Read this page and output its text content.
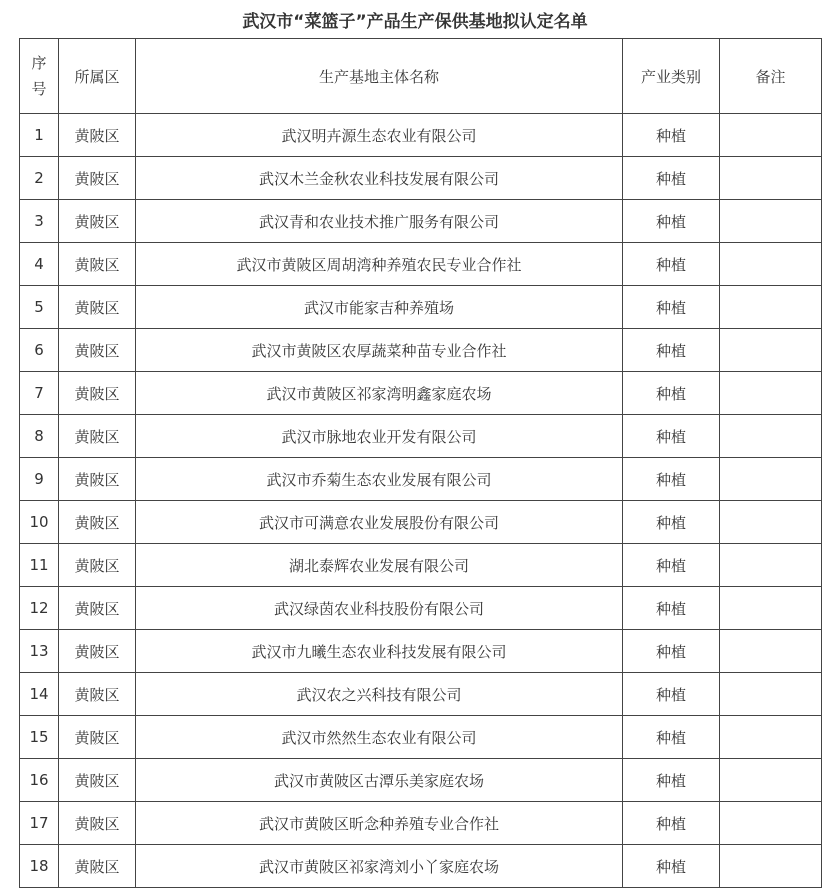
武汉市“菜篮子”产品生产保供基地拟认定名单
序号	所属区	生产基地主体名称	产业类别	备注
1	黄陂区	武汉明卉源生态农业有限公司	种植	
2	黄陂区	武汉木兰金秋农业科技发展有限公司	种植	
3	黄陂区	武汉青和农业技术推广服务有限公司	种植	
4	黄陂区	武汉市黄陂区周胡湾种养殖农民专业合作社	种植	
5	黄陂区	武汉市能家吉种养殖场	种植	
6	黄陂区	武汉市黄陂区农厚蔬菜种苗专业合作社	种植	
7	黄陂区	武汉市黄陂区祁家湾明鑫家庭农场	种植	
8	黄陂区	武汉市脉地农业开发有限公司	种植	
9	黄陂区	武汉市乔菊生态农业发展有限公司	种植	
10	黄陂区	武汉市可满意农业发展股份有限公司	种植	
11	黄陂区	湖北泰辉农业发展有限公司	种植	
12	黄陂区	武汉绿茵农业科技股份有限公司	种植	
13	黄陂区	武汉市九曦生态农业科技发展有限公司	种植	
14	黄陂区	武汉农之兴科技有限公司	种植	
15	黄陂区	武汉市然然生态农业有限公司	种植	
16	黄陂区	武汉市黄陂区古潭乐美家庭农场	种植	
17	黄陂区	武汉市黄陂区昕念种养殖专业合作社	种植	
18	黄陂区	武汉市黄陂区祁家湾刘小丫家庭农场	种植	
